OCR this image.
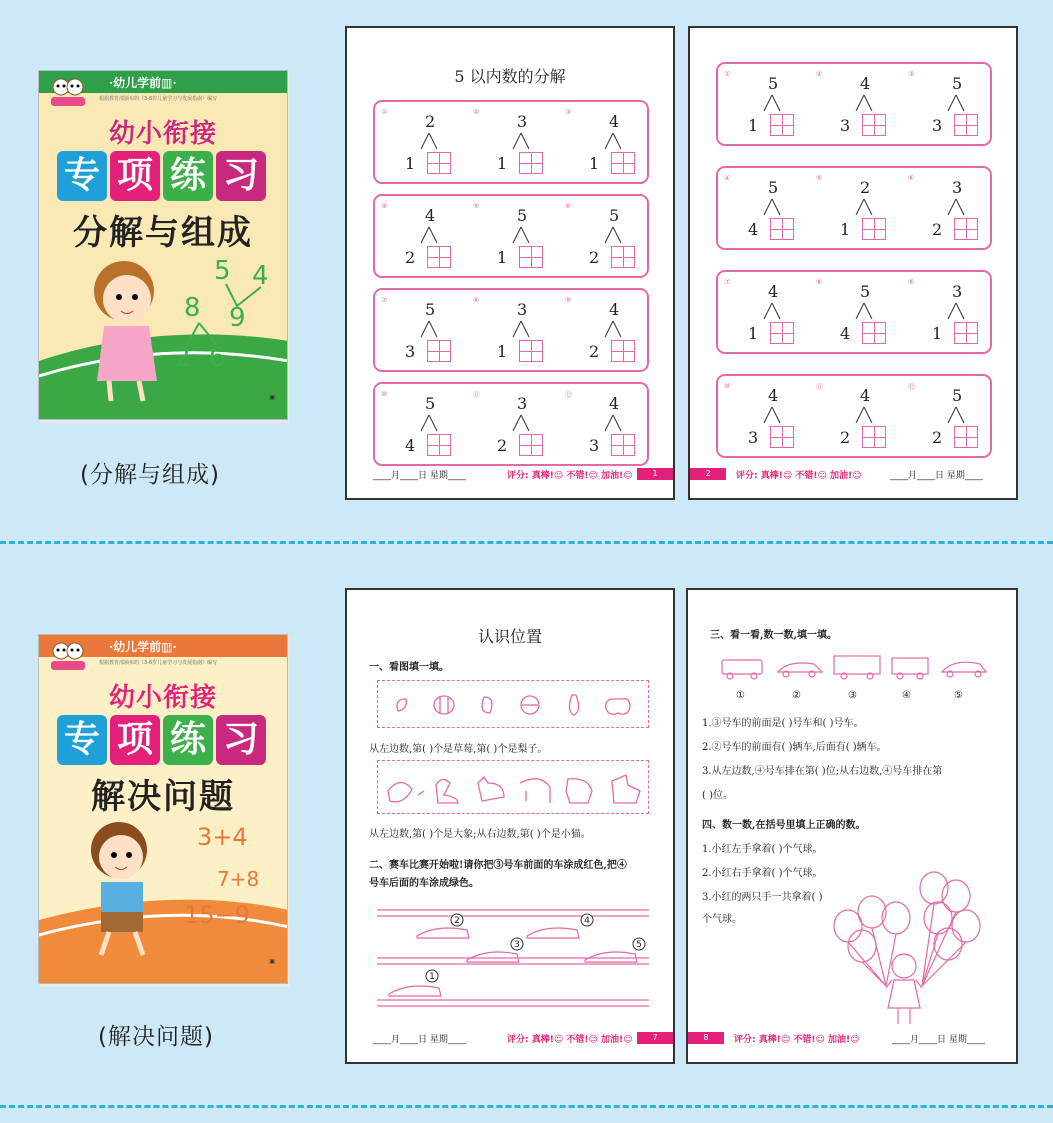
·幼儿学前▥·
根据教育部颁布的《3-6岁儿童学习与发展指南》编写
幼小衔接
专 项 练 习
分解与组成
5 4
8 9
2 6
▣
(分解与组成)
5 以内数的分解
① 2
1
② 3
1
③ 4
1
④ 4
2
⑤ 5
1
⑥ 5
2
⑦ 5
3
⑧ 3
1
⑨ 4
2
⑩ 5
4
⑪ 3
2
⑫ 4
3
____月____日 星期____	评分: 真棒!☺ 不错!☺ 加油!☺	1
① 5
1
② 4
3
③ 5
3
④ 5
4
⑤ 2
1
⑥ 3
2
⑦ 4
1
⑧ 5
4
⑨ 3
1
⑩ 4
3
⑪ 4
2
⑫ 5
2
2	评分: 真棒!☺ 不错!☺ 加油!☺	____月____日 星期____
·幼儿学前▥·
根据教育部颁布的《3-6岁儿童学习与发展指南》编写
幼小衔接
专 项 练 习
解决问题
3+4
7+8
15−9
▣
(解决问题)
认识位置
一、看图填一填。
从左边数,第( )个是草莓,第( )个是梨子。
从左边数,第( )个是大象;从右边数,第( )个是小猫。
二、赛车比赛开始啦!请你把③号车前面的车涂成红色,把④
号车后面的车涂成绿色。
2	4
3	5
1
____月____日 星期____	评分: 真棒!☺ 不错!☺ 加油!☺	7
三、看一看,数一数,填一填。
①	②	③	④	⑤
1.③号车的前面是( )号车和( )号车。
2.②号车的前面有( )辆车,后面有( )辆车。
3.从左边数,④号车排在第( )位;从右边数,④号车排在第
( )位。
四、数一数,在括号里填上正确的数。
1.小红左手拿着( )个气球。
2.小红右手拿着( )个气球。
3.小红的两只手一共拿着( )
个气球。
8	评分: 真棒!☺ 不错!☺ 加油!☺	____月____日 星期____
